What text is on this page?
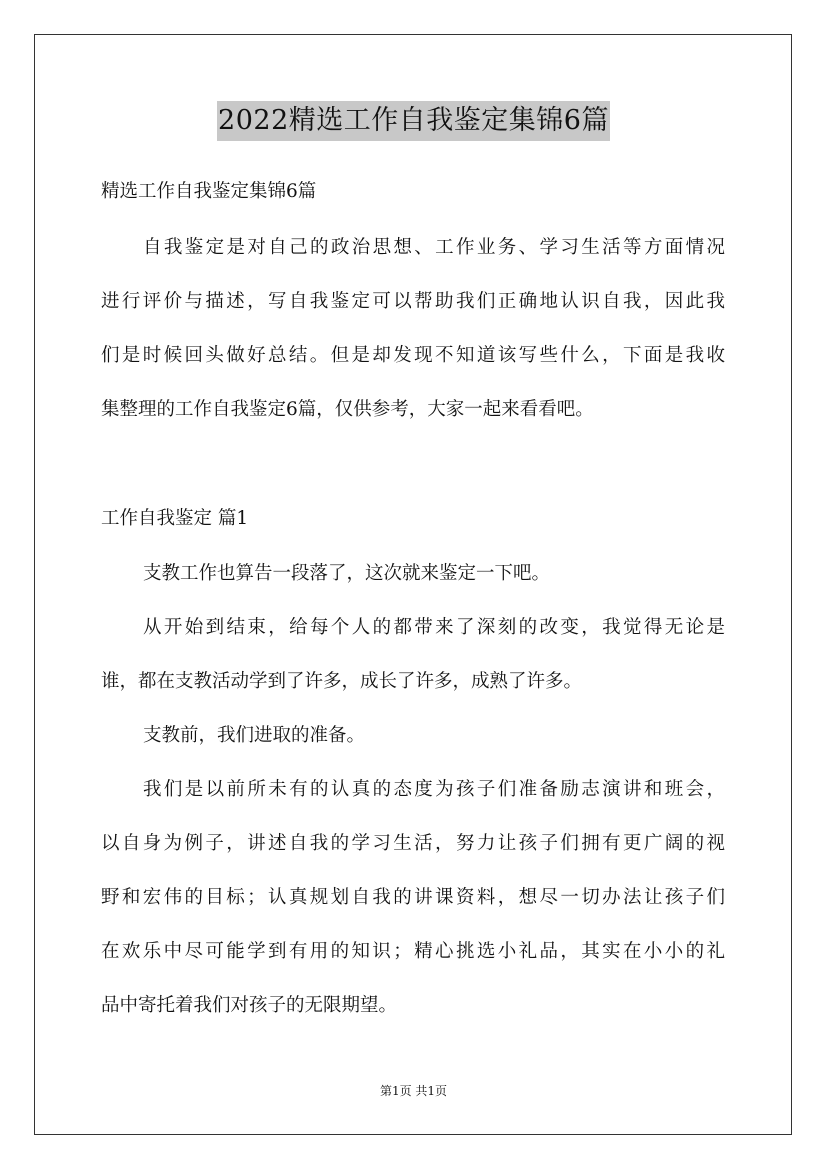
2022精选工作自我鉴定集锦6篇
精选工作自我鉴定集锦6篇
自我鉴定是对自己的政治思想、工作业务、学习生活等方面情况
进行评价与描述，写自我鉴定可以帮助我们正确地认识自我，因此我
们是时候回头做好总结。但是却发现不知道该写些什么，下面是我收
集整理的工作自我鉴定6篇，仅供参考，大家一起来看看吧。
工作自我鉴定 篇1
支教工作也算告一段落了，这次就来鉴定一下吧。
从开始到结束，给每个人的都带来了深刻的改变，我觉得无论是
谁，都在支教活动学到了许多，成长了许多，成熟了许多。
支教前，我们进取的准备。
我们是以前所未有的认真的态度为孩子们准备励志演讲和班会，
以自身为例子，讲述自我的学习生活，努力让孩子们拥有更广阔的视
野和宏伟的目标；认真规划自我的讲课资料，想尽一切办法让孩子们
在欢乐中尽可能学到有用的知识；精心挑选小礼品，其实在小小的礼
品中寄托着我们对孩子的无限期望。
第1页 共1页
